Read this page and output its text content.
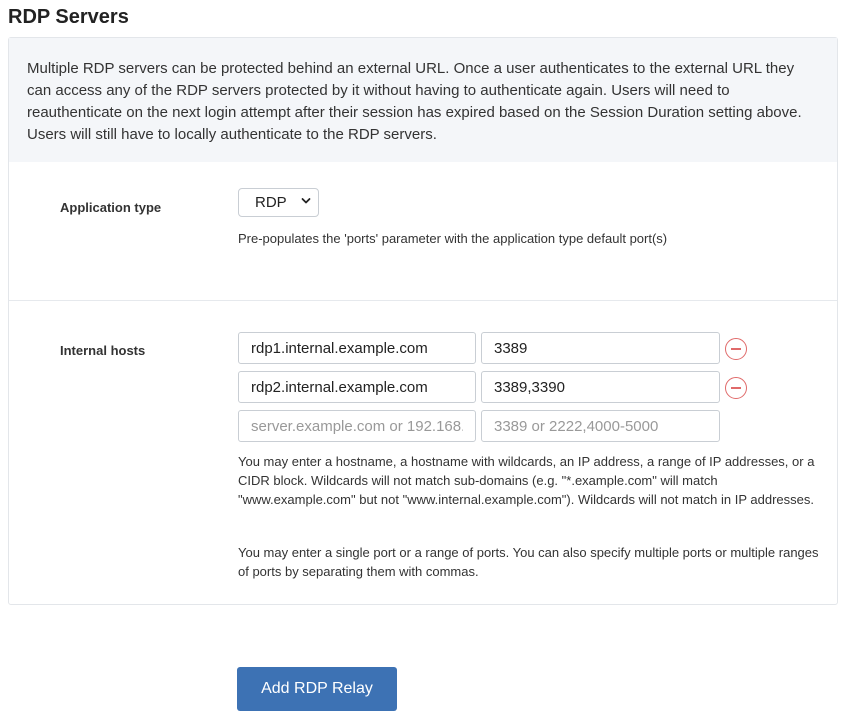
RDP Servers
Multiple RDP servers can be protected behind an external URL. Once a user authenticates to the external URL they can access any of the RDP servers protected by it without having to authenticate again. Users will need to reauthenticate on the next login attempt after their session has expired based on the Session Duration setting above. Users will still have to locally authenticate to the RDP servers.
Application type	RDP
Pre-populates the 'ports' parameter with the application type default port(s)
Internal hosts
rdp1.internal.example.com
3389
rdp2.internal.example.com
3389,3390
server.example.com or 192.168.0.1
3389 or 2222,4000-5000
You may enter a hostname, a hostname with wildcards, an IP address, a range of IP addresses, or a CIDR block. Wildcards will not match sub-domains (e.g. "*.example.com" will match "www.example.com" but not "www.internal.example.com"). Wildcards will not match in IP addresses.
You may enter a single port or a range of ports. You can also specify multiple ports or multiple ranges of ports by separating them with commas.
Add RDP Relay
